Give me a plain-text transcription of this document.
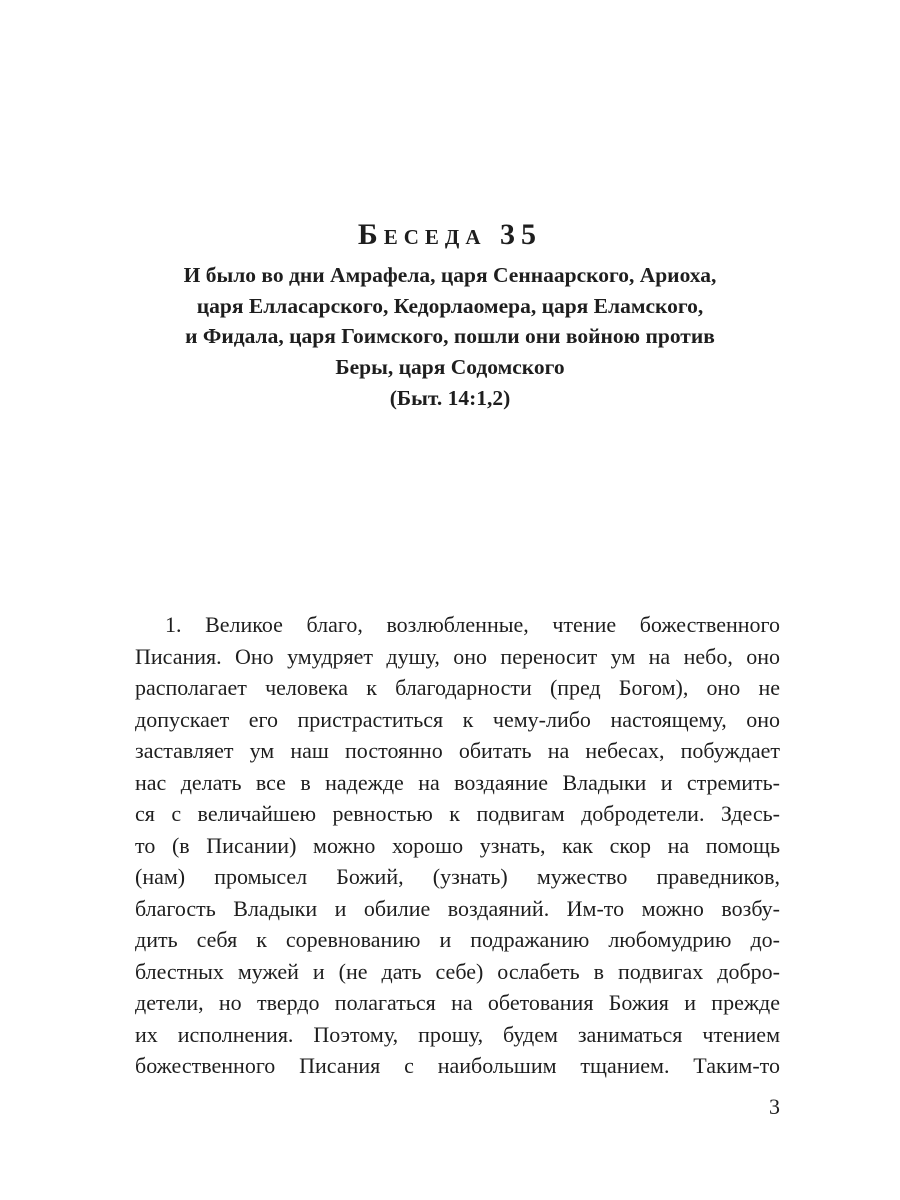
Беседа 35
И было во дни Амрафела, царя Сеннаарского, Ариоха,
царя Елласарского, Кедорлаомера, царя Еламского,
и Фидала, царя Гоимского, пошли они войною против
Беры, царя Содомского
(Быт. 14:1,2)
1. Великое благо, возлюбленные, чтение божественного
Писания. Оно умудряет душу, оно переносит ум на небо, оно
располагает человека к благодарности (пред Богом), оно не
допускает его пристраститься к чему-либо настоящему, оно
заставляет ум наш постоянно обитать на небесах, побуждает
нас делать все в надежде на воздаяние Владыки и стремить-
ся с величайшею ревностью к подвигам добродетели. Здесь-
то (в Писании) можно хорошо узнать, как скор на помощь
(нам) промысел Божий, (узнать) мужество праведников,
благость Владыки и обилие воздаяний. Им-то можно возбу-
дить себя к соревнованию и подражанию любомудрию до-
блестных мужей и (не дать себе) ослабеть в подвигах добро-
детели, но твердо полагаться на обетования Божия и прежде
их исполнения. Поэтому, прошу, будем заниматься чтением
божественного Писания с наибольшим тщанием. Таким-то
3
